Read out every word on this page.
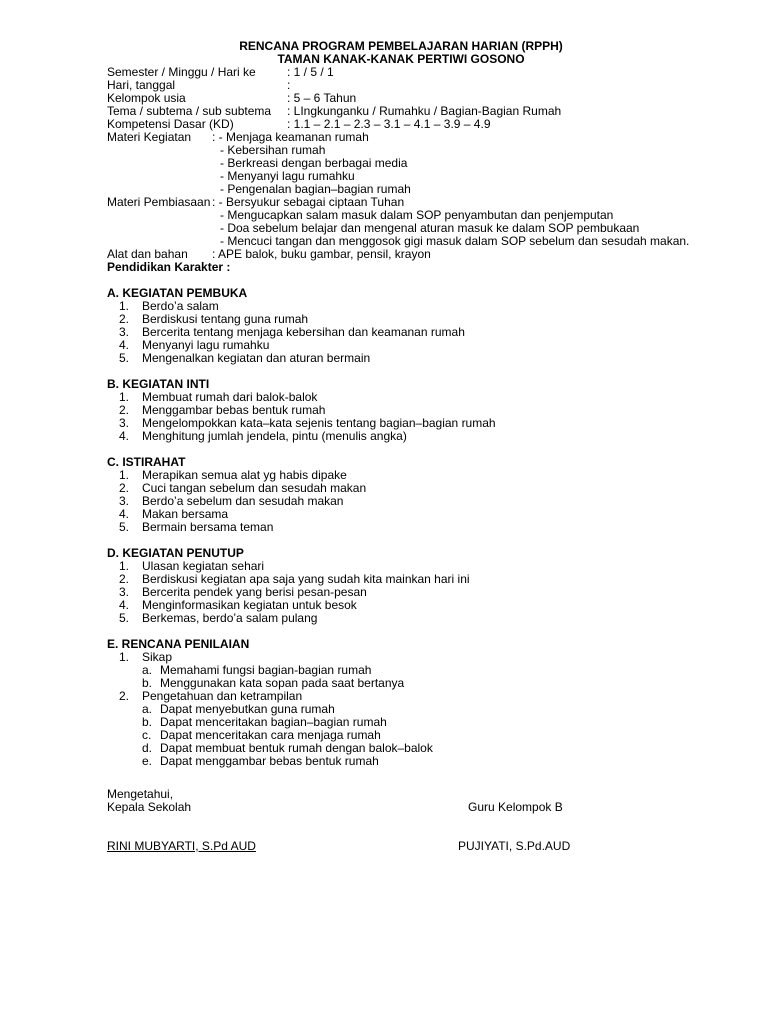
RENCANA PROGRAM PEMBELAJARAN HARIAN (RPPH)
TAMAN KANAK-KANAK PERTIWI GOSONO
Semester / Minggu / Hari ke	: 1 / 5 / 1
Hari, tanggal	:
Kelompok usia	: 5 – 6 Tahun
Tema / subtema / sub subtema : LIngkunganku / Rumahku / Bagian-Bagian Rumah
Kompetensi Dasar (KD)	: 1.1 – 2.1 – 2.3 – 3.1 – 4.1 – 3.9 – 4.9
Materi Kegiatan : - Menjaga keamanan rumah
- Kebersihan rumah
- Berkreasi dengan berbagai media
- Menyanyi lagu rumahku
- Pengenalan bagian–bagian rumah
Materi Pembiasaan : - Bersyukur sebagai ciptaan Tuhan
- Mengucapkan salam masuk dalam SOP penyambutan dan penjemputan
- Doa sebelum belajar dan mengenal aturan masuk ke dalam SOP pembukaan
- Mencuci tangan dan menggosok gigi masuk dalam SOP sebelum dan sesudah makan.
Alat dan bahan : APE balok, buku gambar, pensil, krayon
Pendidikan Karakter :
A. KEGIATAN PEMBUKA
1. Berdo’a salam
2. Berdiskusi tentang guna rumah
3. Bercerita tentang menjaga kebersihan dan keamanan rumah
4. Menyanyi lagu rumahku
5. Mengenalkan kegiatan dan aturan bermain
B. KEGIATAN INTI
1. Membuat rumah dari balok-balok
2. Menggambar bebas bentuk rumah
3. Mengelompokkan kata–kata sejenis tentang bagian–bagian rumah
4. Menghitung jumlah jendela, pintu (menulis angka)
C. ISTIRAHAT
1. Merapikan semua alat yg habis dipake
2. Cuci tangan sebelum dan sesudah makan
3. Berdo’a sebelum dan sesudah makan
4. Makan bersama
5. Bermain bersama teman
D. KEGIATAN PENUTUP
1. Ulasan kegiatan sehari
2. Berdiskusi kegiatan apa saja yang sudah kita mainkan hari ini
3. Bercerita pendek yang berisi pesan-pesan
4. Menginformasikan kegiatan untuk besok
5. Berkemas, berdo’a salam pulang
E. RENCANA PENILAIAN
1. Sikap
a. Memahami fungsi bagian-bagian rumah
b. Menggunakan kata sopan pada saat bertanya
2. Pengetahuan dan ketrampilan
a. Dapat menyebutkan guna rumah
b. Dapat menceritakan bagian–bagian rumah
c. Dapat menceritakan cara menjaga rumah
d. Dapat membuat bentuk rumah dengan balok–balok
e. Dapat menggambar bebas bentuk rumah
Mengetahui,
Kepala Sekolah	Guru Kelompok B
RINI MUBYARTI, S.Pd AUD	PUJIYATI, S.Pd.AUD
